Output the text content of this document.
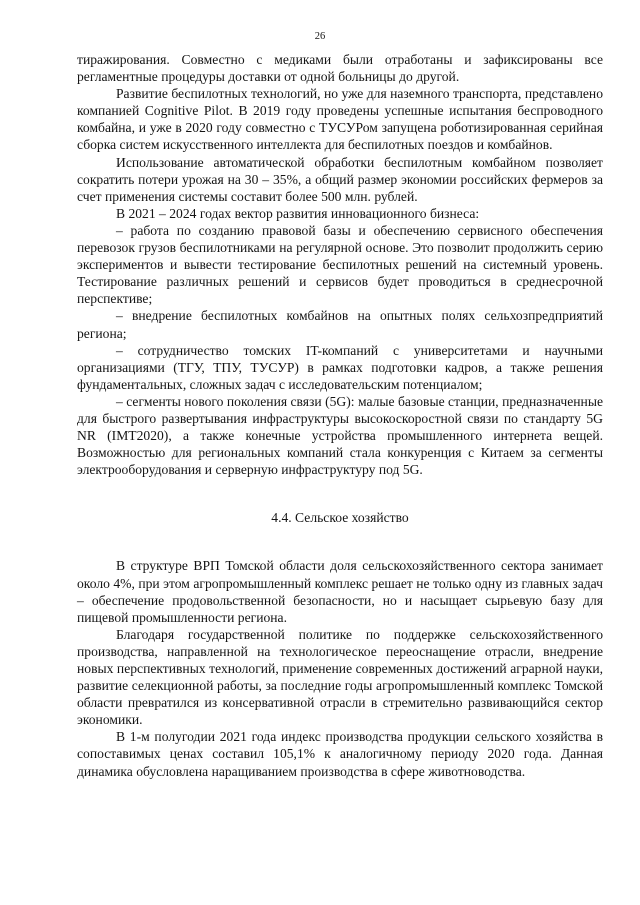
26

тиражирования. Совместно с медиками были отработаны и зафиксированы все регламентные процедуры доставки от одной больницы до другой.

Развитие беспилотных технологий, но уже для наземного транспорта, представлено компанией Cognitive Pilot. В 2019 году проведены успешные испытания беспроводного комбайна, и уже в 2020 году совместно с ТУСУРом запущена роботизированная серийная сборка систем искусственного интеллекта для беспилотных поездов и комбайнов.

Использование автоматической обработки беспилотным комбайном позволяет сократить потери урожая на 30 – 35%, а общий размер экономии российских фермеров за счет применения системы составит более 500 млн. рублей.

В 2021 – 2024 годах вектор развития инновационного бизнеса:

– работа по созданию правовой базы и обеспечению сервисного обеспечения перевозок грузов беспилотниками на регулярной основе. Это позволит продолжить серию экспериментов и вывести тестирование беспилотных решений на системный уровень. Тестирование различных решений и сервисов будет проводиться в среднесрочной перспективе;

– внедрение беспилотных комбайнов на опытных полях сельхозпредприятий региона;

– сотрудничество томских IT-компаний с университетами и научными организациями (ТГУ, ТПУ, ТУСУР) в рамках подготовки кадров, а также решения фундаментальных, сложных задач с исследовательским потенциалом;

– сегменты нового поколения связи (5G): малые базовые станции, предназначенные для быстрого развертывания инфраструктуры высокоскоростной связи по стандарту 5G NR (IMT2020), а также конечные устройства промышленного интернета вещей. Возможностью для региональных компаний стала конкуренция с Китаем за сегменты электрооборудования и серверную инфраструктуру под 5G.

4.4. Сельское хозяйство

В структуре ВРП Томской области доля сельскохозяйственного сектора занимает около 4%, при этом агропромышленный комплекс решает не только одну из главных задач – обеспечение продовольственной безопасности, но и насыщает сырьевую базу для пищевой промышленности региона.

Благодаря государственной политике по поддержке сельскохозяйственного производства, направленной на технологическое переоснащение отрасли, внедрение новых перспективных технологий, применение современных достижений аграрной науки, развитие селекционной работы, за последние годы агропромышленный комплекс Томской области превратился из консервативной отрасли в стремительно развивающийся сектор экономики.

В 1-м полугодии 2021 года индекс производства продукции сельского хозяйства в сопоставимых ценах составил 105,1% к аналогичному периоду 2020 года. Данная динамика обусловлена наращиванием производства в сфере животноводства.
